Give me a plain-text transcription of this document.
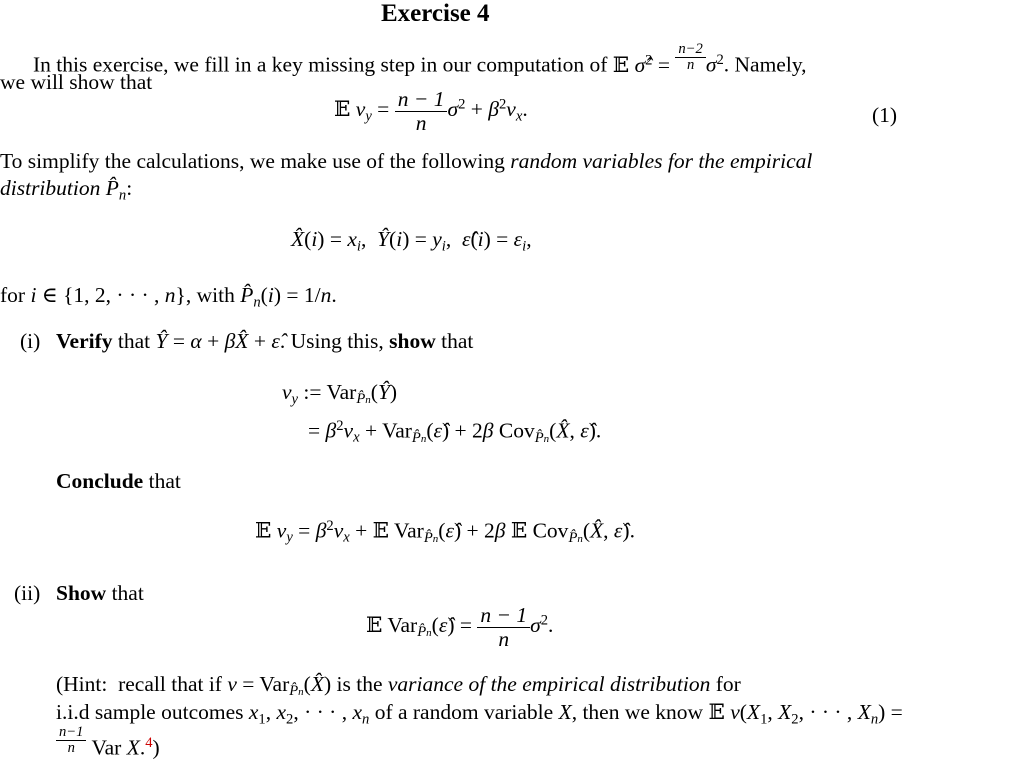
Exercise 4
In this exercise, we fill in a key missing step in our computation of 𝔼 σ̂$^2$ = $\frac{n-2}{n} \sigma^2$. Namely,
we will show that
𝔼 $v_y = \frac{n - 1}{n} \sigma^2 + \beta^2v_x$.	(1)
To simplify the calculations, we make use of the following random variables for the empirical
distribution $P̂_n$:
X̂(i) = $x_i$,  Ŷ(i) = $y_i$,  ε̂(i) = $\varepsilon_i$,
for i ∈ {1, 2, · · · , n}, with $P̂_n(i) = 1/n$.
(i) Verify that Ŷ = α + βX̂ + ε̂. Using this, show that
$v_y$ := Var$_{P̂n}$(Ŷ)
= $\beta^2v_x$ + Var$_{P̂n}$(ε̂) + 2β Cov$_{P̂n}$(X̂, ε̂).
Conclude that
𝔼 $v_y = \beta^2v_x$ + 𝔼 Var$_{P̂n}$(ε̂) + 2β 𝔼 Cov$_{P̂n}$(X̂, ε̂).
(ii) Show that
𝔼 Var$_{P̂n}$(ε̂) = $\frac{n - 1}{n} \sigma^2$.
(Hint:  recall that if v = Var$_{P̂n}$(X̂) is the variance of the empirical distribution for
i.i.d sample outcomes $x_1$, $x_2$, · · · , $x_n$ of a random variable X, then we know 𝔼 $v(X_1$, $X_2$, · · · , $X_n$) =
$\frac{n-1}{n}$ Var X.$^4$)
